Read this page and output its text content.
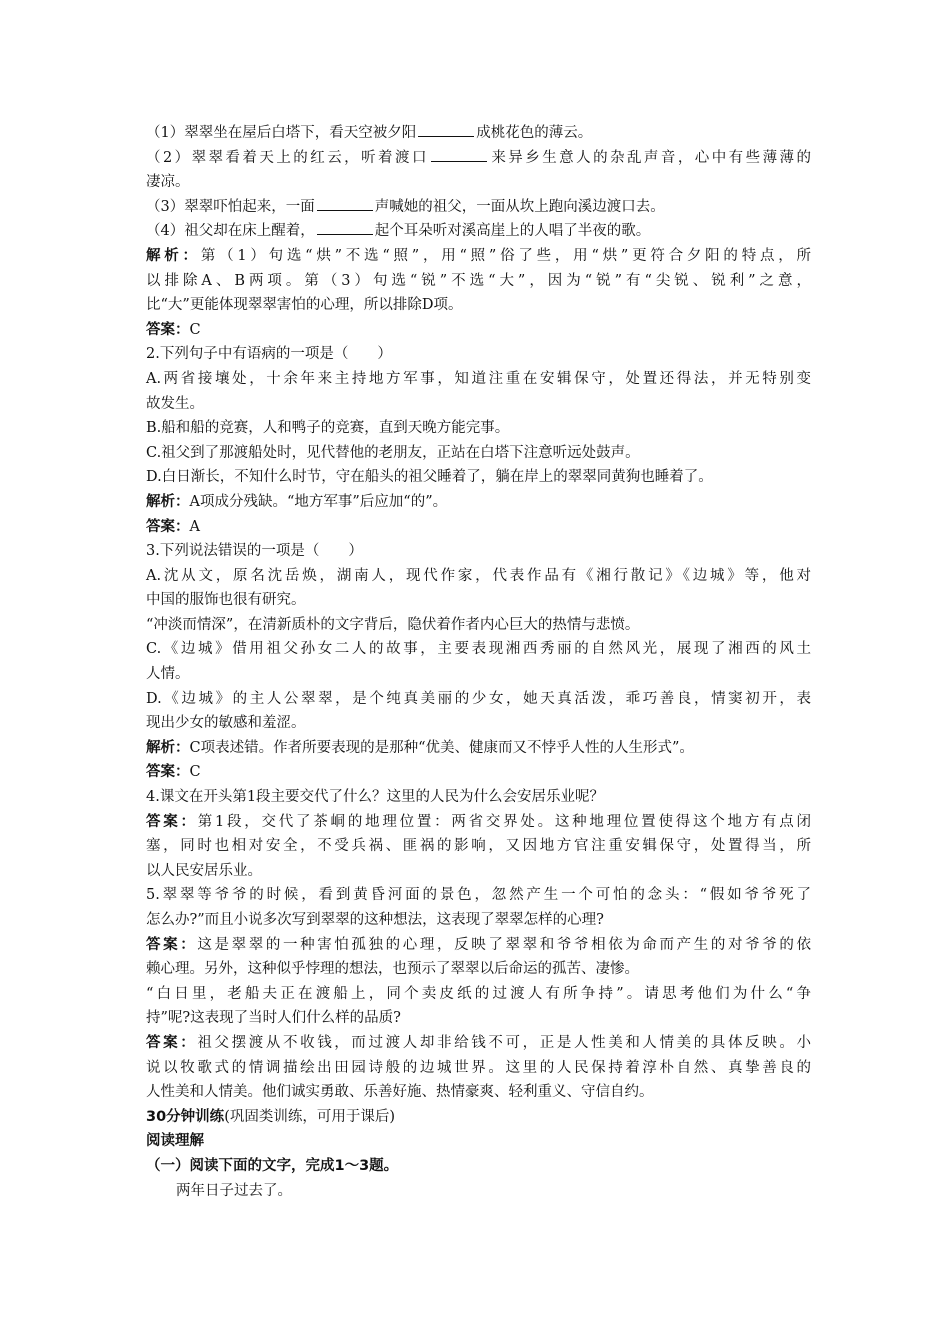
（1）翠翠坐在屋后白塔下，看天空被夕阳	成桃花色的薄云。
（2）翠翠看着天上的红云，听着渡口	来异乡生意人的杂乱声音，心中有些薄薄的
凄凉。
（3）翠翠吓怕起来，一面	声喊她的祖父，一面从坎上跑向溪边渡口去。
（4）祖父却在床上醒着，	起个耳朵听对溪高崖上的人唱了半夜的歌。
解析：第（1）句选“烘”不选“照”，用“照”俗了些，用“烘”更符合夕阳的特点，所
以排除A、B两项。第（3）句选“锐”不选“大”，因为“锐”有“尖锐、锐利”之意，
比“大”更能体现翠翠害怕的心理，所以排除D项。
答案：C
2.下列句子中有语病的一项是（　　）
A.两省接壤处，十余年来主持地方军事，知道注重在安辑保守，处置还得法，并无特别变
故发生。
B.船和船的竞赛，人和鸭子的竞赛，直到天晚方能完事。
C.祖父到了那渡船处时，见代替他的老朋友，正站在白塔下注意听远处鼓声。
D.白日渐长，不知什么时节，守在船头的祖父睡着了，躺在岸上的翠翠同黄狗也睡着了。
解析：A项成分残缺。“地方军事”后应加“的”。
答案：A
3.下列说法错误的一项是（　　）
A.沈从文，原名沈岳焕，湖南人，现代作家，代表作品有《湘行散记》《边城》等，他对
中国的服饰也很有研究。
“冲淡而情深”，在清新质朴的文字背后，隐伏着作者内心巨大的热情与悲愤。
C.《边城》借用祖父孙女二人的故事，主要表现湘西秀丽的自然风光，展现了湘西的风土
人情。
D.《边城》的主人公翠翠，是个纯真美丽的少女，她天真活泼，乖巧善良，情窦初开，表
现出少女的敏感和羞涩。
解析：C项表述错。作者所要表现的是那种“优美、健康而又不悖乎人性的人生形式”。
答案：C
4.课文在开头第1段主要交代了什么？这里的人民为什么会安居乐业呢？
答案：第1段，交代了茶峒的地理位置：两省交界处。这种地理位置使得这个地方有点闭
塞，同时也相对安全，不受兵祸、匪祸的影响，又因地方官注重安辑保守，处置得当，所
以人民安居乐业。
5.翠翠等爷爷的时候，看到黄昏河面的景色，忽然产生一个可怕的念头：“假如爷爷死了
怎么办?”而且小说多次写到翠翠的这种想法，这表现了翠翠怎样的心理?
答案：这是翠翠的一种害怕孤独的心理，反映了翠翠和爷爷相依为命而产生的对爷爷的依
赖心理。另外，这种似乎悖理的想法，也预示了翠翠以后命运的孤苦、凄惨。
“白日里，老船夫正在渡船上，同个卖皮纸的过渡人有所争持”。请思考他们为什么“争
持”呢?这表现了当时人们什么样的品质?
答案：祖父摆渡从不收钱，而过渡人却非给钱不可，正是人性美和人情美的具体反映。小
说以牧歌式的情调描绘出田园诗般的边城世界。这里的人民保持着淳朴自然、真挚善良的
人性美和人情美。他们诚实勇敢、乐善好施、热情豪爽、轻利重义、守信自约。
30分钟训练(巩固类训练，可用于课后)
阅读理解
（一）阅读下面的文字，完成1～3题。
两年日子过去了。
